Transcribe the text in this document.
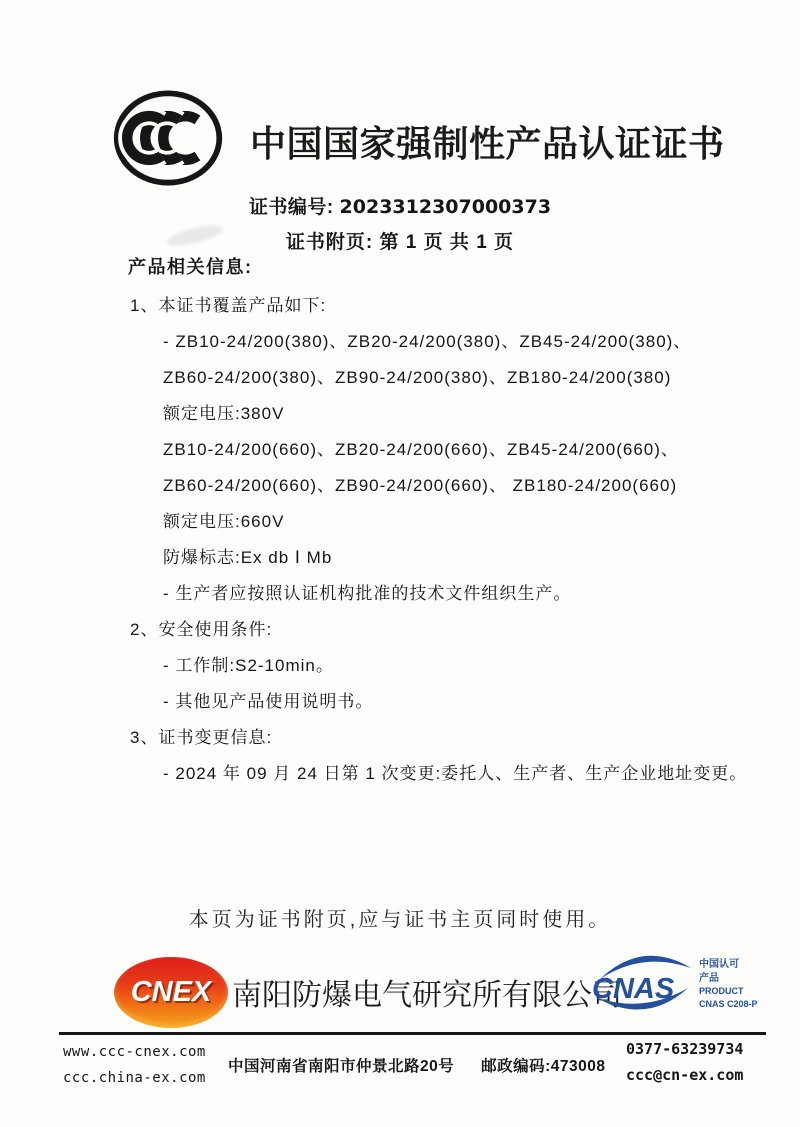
中国国家强制性产品认证证书
证书编号: 2023312307000373
证书附页: 第 1 页 共 1 页
产品相关信息:
1、本证书覆盖产品如下:
- ZB10-24/200(380)、ZB20-24/200(380)、ZB45-24/200(380)、
ZB60-24/200(380)、ZB90-24/200(380)、ZB180-24/200(380)
额定电压:380V
ZB10-24/200(660)、ZB20-24/200(660)、ZB45-24/200(660)、
ZB60-24/200(660)、ZB90-24/200(660)、 ZB180-24/200(660)
额定电压:660V
防爆标志:Ex db Ⅰ Mb
- 生产者应按照认证机构批准的技术文件组织生产。
2、安全使用条件:
- 工作制:S2-10min。
- 其他见产品使用说明书。
3、证书变更信息:
- 2024 年 09 月 24 日第 1 次变更:委托人、生产者、生产企业地址变更。
本页为证书附页,应与证书主页同时使用。
CNEX 南阳防爆电气研究所有限公司
CNAS
中国认可
产品
PRODUCT
CNAS C208-P
www.ccc-cnex.com
ccc.china-ex.com
中国河南省南阳市仲景北路20号 邮政编码:473008
0377-63239734
ccc@cn-ex.com
